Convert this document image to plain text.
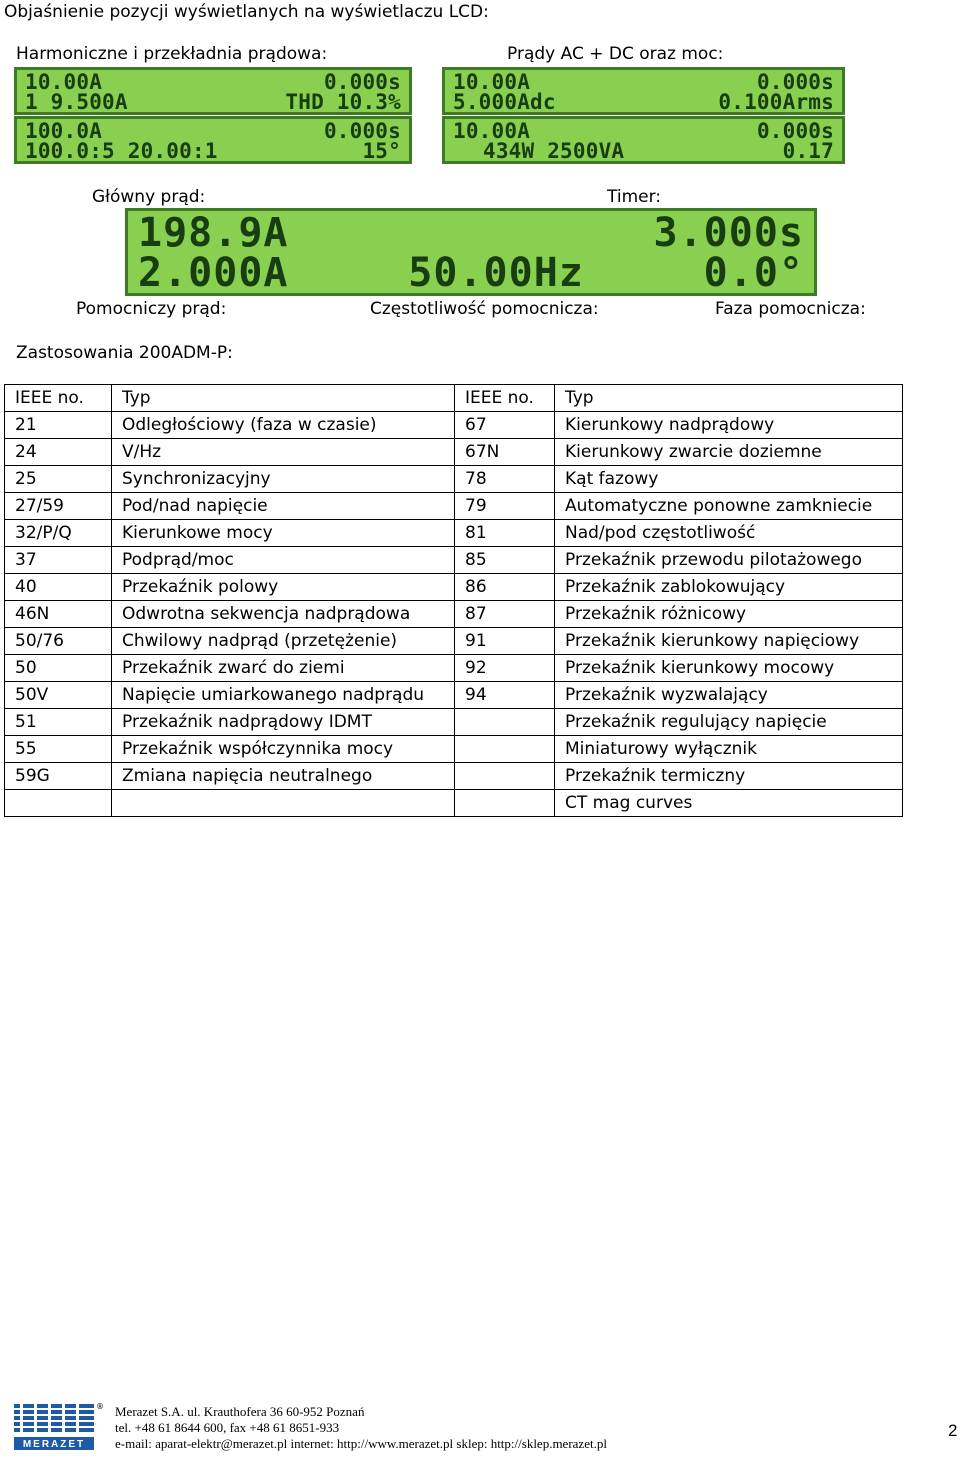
Objaśnienie pozycji wyświetlanych na wyświetlaczu LCD:
Harmoniczne i przekładnia prądowa:	Prądy AC + DC oraz moc:
10.00A	0.000s
1 9.500A	THD 10.3%
100.0A	0.000s
100.0:5 20.00:1	15°
10.00A	0.000s
5.000Adc	0.100Arms
10.00A	0.000s
434W 2500VA	0.17
Główny prąd:	Timer:
198.9A	3.000s
2.000A	50.00Hz	0.0°
Pomocniczy prąd:	Częstotliwość pomocnicza:	Faza pomocnicza:
Zastosowania 200ADM-P:
IEEE no.	Typ	IEEE no.	Typ
21	Odległościowy (faza w czasie)	67	Kierunkowy nadprądowy
24	V/Hz	67N	Kierunkowy zwarcie doziemne
25	Synchronizacyjny	78	Kąt fazowy
27/59	Pod/nad napięcie	79	Automatyczne ponowne zamkniecie
32/P/Q	Kierunkowe mocy	81	Nad/pod częstotliwość
37	Podprąd/moc	85	Przekaźnik przewodu pilotażowego
40	Przekaźnik polowy	86	Przekaźnik zablokowujący
46N	Odwrotna sekwencja nadprądowa	87	Przekaźnik różnicowy
50/76	Chwilowy nadprąd (przetężenie)	91	Przekaźnik kierunkowy napięciowy
50	Przekaźnik zwarć do ziemi	92	Przekaźnik kierunkowy mocowy
50V	Napięcie umiarkowanego nadprądu	94	Przekaźnik wyzwalający
51	Przekaźnik nadprądowy IDMT		Przekaźnik regulujący napięcie
55	Przekaźnik współczynnika mocy		Miniaturowy wyłącznik
59G	Zmiana napięcia neutralnego		Przekaźnik termiczny
			CT mag curves
MERAZET
® Merazet S.A. ul. Krauthofera 36 60-952 Poznań
tel. +48 61 8644 600, fax +48 61 8651-933
e-mail: aparat-elektr@merazet.pl internet: http://www.merazet.pl sklep: http://sklep.merazet.pl
2
